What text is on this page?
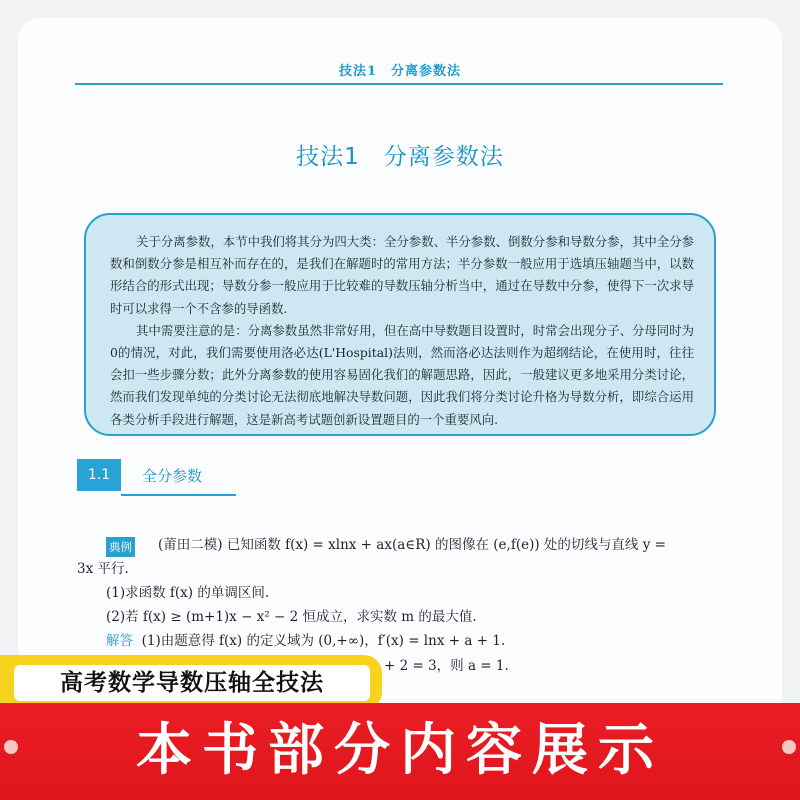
技法1　分离参数法
技法1　分离参数法

关于分离参数，本节中我们将其分为四大类：全分参数、半分参数、倒数分参和导数分参，其中全分参数和倒数分参是相互补而存在的，是我们在解题时的常用方法；半分参数一般应用于选填压轴题当中，以数形结合的形式出现；导数分参一般应用于比较难的导数压轴分析当中，通过在导数中分参，使得下一次求导时可以求得一个不含参的导函数.

其中需要注意的是：分离参数虽然非常好用，但在高中导数题目设置时，时常会出现分子、分母同时为0的情况，对此，我们需要使用洛必达(L'Hospital)法则，然而洛必达法则作为超纲结论，在使用时，往往会扣一些步骤分数；此外分离参数的使用容易固化我们的解题思路，因此，一般建议更多地采用分类讨论，然而我们发现单纯的分类讨论无法彻底地解决导数问题，因此我们将分类讨论升格为导数分析，即综合运用各类分析手段进行解题，这是新高考试题创新设置题目的一个重要风向.

1.1	全分参数
典例 (莆田二模) 已知函数 f(x) = xlnx + ax(a∈R) 的图像在 (e,f(e)) 处的切线与直线 y =
3x 平行.
(1)求函数 f(x) 的单调区间.
(2)若 f(x) ≥ (m+1)x − x² − 2 恒成立，求实数 m 的最大值.
解答 (1)由题意得 f(x) 的定义域为 (0,+∞)，f′(x) = lnx + a + 1.
+ 2 = 3，则 a = 1.
高考数学导数压轴全技法
本书部分内容展示
